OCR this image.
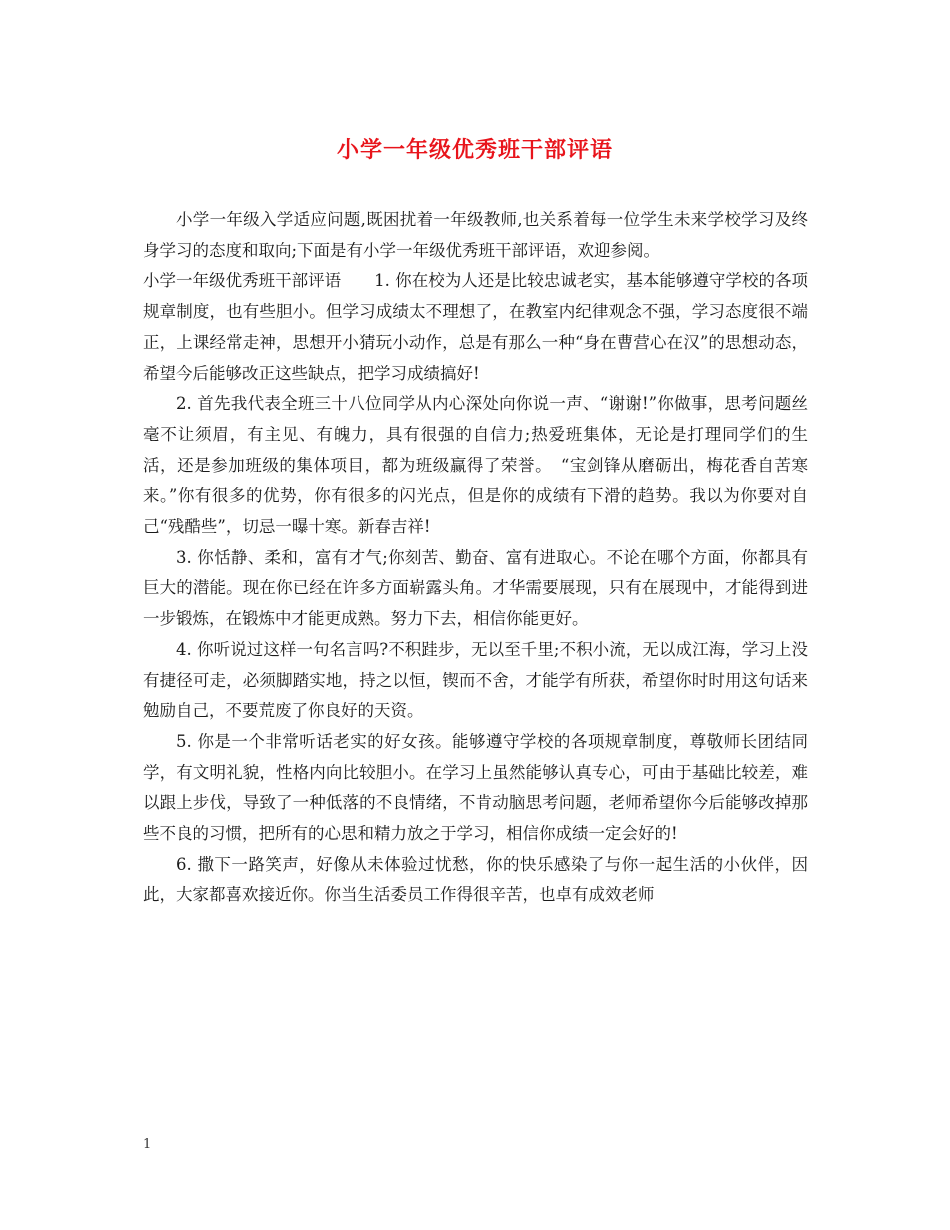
小学一年级优秀班干部评语

小学一年级入学适应问题,既困扰着一年级教师,也关系着每一位学生未来学校学习及终身学习的态度和取向;下面是有小学一年级优秀班干部评语，欢迎参阅。

小学一年级优秀班干部评语　　1. 你在校为人还是比较忠诚老实，基本能够遵守学校的各项规章制度，也有些胆小。但学习成绩太不理想了，在教室内纪律观念不强，学习态度很不端正，上课经常走神，思想开小猜玩小动作，总是有那么一种“身在曹营心在汉”的思想动态，希望今后能够改正这些缺点，把学习成绩搞好!

2. 首先我代表全班三十八位同学从内心深处向你说一声、“谢谢!”你做事，思考问题丝毫不让须眉，有主见、有魄力，具有很强的自信力;热爱班集体，无论是打理同学们的生活，还是参加班级的集体项目，都为班级赢得了荣誉。　“宝剑锋从磨砺出，梅花香自苦寒来。”你有很多的优势，你有很多的闪光点，但是你的成绩有下滑的趋势。我以为你要对自己“残酷些”，切忌一曝十寒。新春吉祥!

3. 你恬静、柔和，富有才气;你刻苦、勤奋、富有进取心。不论在哪个方面，你都具有巨大的潜能。现在你已经在许多方面崭露头角。才华需要展现，只有在展现中，才能得到进一步锻炼，在锻炼中才能更成熟。努力下去，相信你能更好。

4. 你听说过这样一句名言吗?不积跬步，无以至千里;不积小流，无以成江海，学习上没有捷径可走，必须脚踏实地，持之以恒，锲而不舍，才能学有所获，希望你时时用这句话来勉励自己，不要荒废了你良好的天资。

5. 你是一个非常听话老实的好女孩。能够遵守学校的各项规章制度，尊敬师长团结同学，有文明礼貌，性格内向比较胆小。在学习上虽然能够认真专心，可由于基础比较差，难以跟上步伐，导致了一种低落的不良情绪，不肯动脑思考问题，老师希望你今后能够改掉那些不良的习惯，把所有的心思和精力放之于学习，相信你成绩一定会好的!

6. 撒下一路笑声，好像从未体验过忧愁，你的快乐感染了与你一起生活的小伙伴，因此，大家都喜欢接近你。你当生活委员工作得很辛苦，也卓有成效老师

1
